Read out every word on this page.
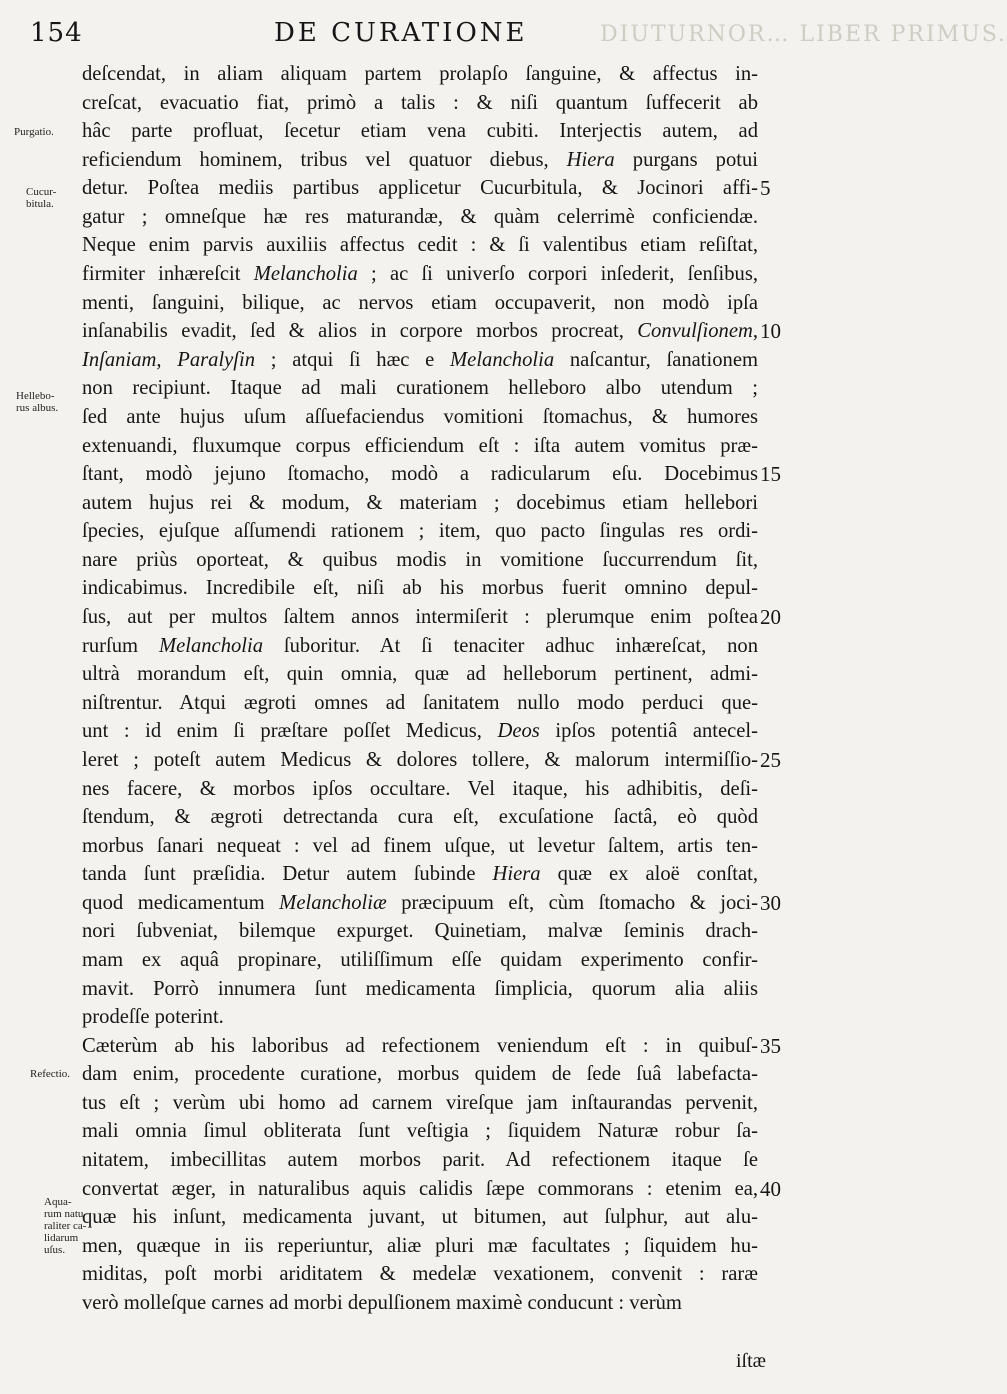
154	DE CURATIONE	DIUTURNOR… LIBER PRIMUS.
deſcendat, in aliam aliquam partem prolapſo ſanguine, & affectus in-
creſcat, evacuatio fiat, primò a talis : & niſi quantum ſuffecerit ab
hâc parte profluat, ſecetur etiam vena cubiti. Interjectis autem, ad
reficiendum hominem, tribus vel quatuor diebus, Hiera purgans potui
detur. Poſtea mediis partibus applicetur Cucurbitula, & Jocinori affi-
gatur ; omneſque hæ res maturandæ, & quàm celerrimè conficiendæ.
Neque enim parvis auxiliis affectus cedit : & ſi valentibus etiam reſiſtat,
firmiter inhæreſcit Melancholia ; ac ſi univerſo corpori inſederit, ſenſibus,
menti, ſanguini, bilique, ac nervos etiam occupaverit, non modò ipſa
inſanabilis evadit, ſed & alios in corpore morbos procreat, Convulſionem,
Inſaniam, Paralyſin ; atqui ſi hæc e Melancholia naſcantur, ſanationem
non recipiunt. Itaque ad mali curationem helleboro albo utendum ;
ſed ante hujus uſum aſſuefaciendus vomitioni ſtomachus, & humores
extenuandi, fluxumque corpus efficiendum eſt : iſta autem vomitus præ-
ſtant, modò jejuno ſtomacho, modò a radicularum eſu. Docebimus
autem hujus rei & modum, & materiam ; docebimus etiam hellebori
ſpecies, ejuſque aſſumendi rationem ; item, quo pacto ſingulas res ordi-
nare priùs oporteat, & quibus modis in vomitione ſuccurrendum ſit,
indicabimus. Incredibile eſt, niſi ab his morbus fuerit omnino depul-
ſus, aut per multos ſaltem annos intermiſerit : plerumque enim poſtea
rurſum Melancholia ſuboritur. At ſi tenaciter adhuc inhæreſcat, non
ultrà morandum eſt, quin omnia, quæ ad helleborum pertinent, admi-
niſtrentur. Atqui ægroti omnes ad ſanitatem nullo modo perduci que-
unt : id enim ſi præſtare poſſet Medicus, Deos ipſos potentiâ antecel-
leret ; poteſt autem Medicus & dolores tollere, & malorum intermiſſio-
nes facere, & morbos ipſos occultare. Vel itaque, his adhibitis, deſi-
ſtendum, & ægroti detrectanda cura eſt, excuſatione ſactâ, eò quòd
morbus ſanari nequeat : vel ad finem uſque, ut levetur ſaltem, artis ten-
tanda ſunt præſidia. Detur autem ſubinde Hiera quæ ex aloë conſtat,
quod medicamentum Melancholiæ præcipuum eſt, cùm ſtomacho & joci-
nori ſubveniat, bilemque expurget. Quinetiam, malvæ ſeminis drach-
mam ex aquâ propinare, utiliſſimum eſſe quidam experimento confir-
mavit. Porrò innumera ſunt medicamenta ſimplicia, quorum alia aliis
prodeſſe poterint.
Cæterùm ab his laboribus ad refectionem veniendum eſt : in quibuſ-
dam enim, procedente curatione, morbus quidem de ſede ſuâ labefacta-
tus eſt ; verùm ubi homo ad carnem vireſque jam inſtaurandas pervenit,
mali omnia ſimul obliterata ſunt veſtigia ; ſiquidem Naturæ robur ſa-
nitatem, imbecillitas autem morbos parit. Ad refectionem itaque ſe
convertat æger, in naturalibus aquis calidis ſæpe commorans : etenim ea,
quæ his inſunt, medicamenta juvant, ut bitumen, aut ſulphur, aut alu-
men, quæque in iis reperiuntur, aliæ pluri mæ facultates ; ſiquidem hu-
miditas, poſt morbi ariditatem & medelæ vexationem, convenit : raræ
verò molleſque carnes ad morbi depulſionem maximè conducunt : verùm
5
10
15
20
25
30
35
40
Purgatio.
Cucur-
bitula.
Hellebo-
rus albus.
Refectio.
Aqua-
rum natu
raliter ca-
lidarum
uſus.
iſtæ
